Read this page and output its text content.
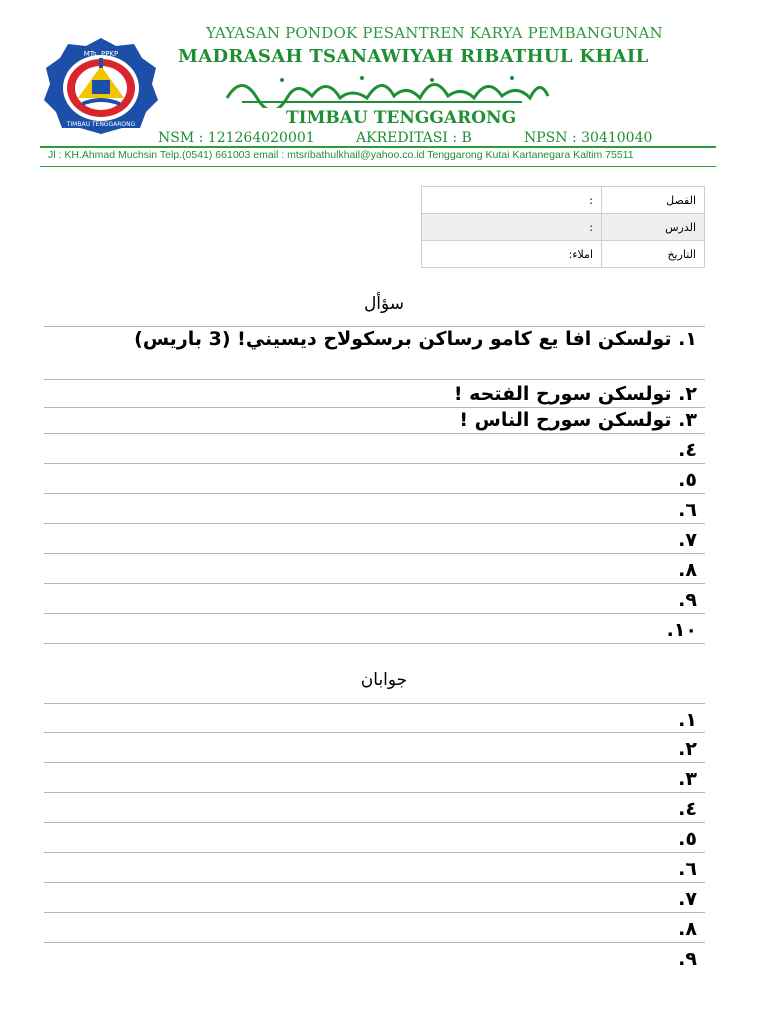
MTs. PPKP
TIMBAU TENGGARONG
YAYASAN PONDOK PESANTREN KARYA PEMBANGUNAN
MADRASAH TSANAWIYAH RIBATHUL KHAIL
TIMBAU TENGGARONG
NSM : 121264020001	AKREDITASI : B	NPSN : 30410040
Jl : KH.Ahmad Muchsin Telp.(0541) 661003 email : mtsribathulkhail@yahoo.co.id Tenggarong Kutai Kartanegara Kaltim 75511
الفصل	:
الدرس	:
التاريخ	املاء:
سؤأل
١. تولسكن افا يع كامو رساكن برسكولاح ديسيني! (3 باريس)
٢. تولسكن سورح الفتحه !
٣. تولسكن سورح الناس !
٤.
٥.
٦.
٧.
٨.
٩.
١٠.
جوابان
١.
٢.
٣.
٤.
٥.
٦.
٧.
٨.
٩.
